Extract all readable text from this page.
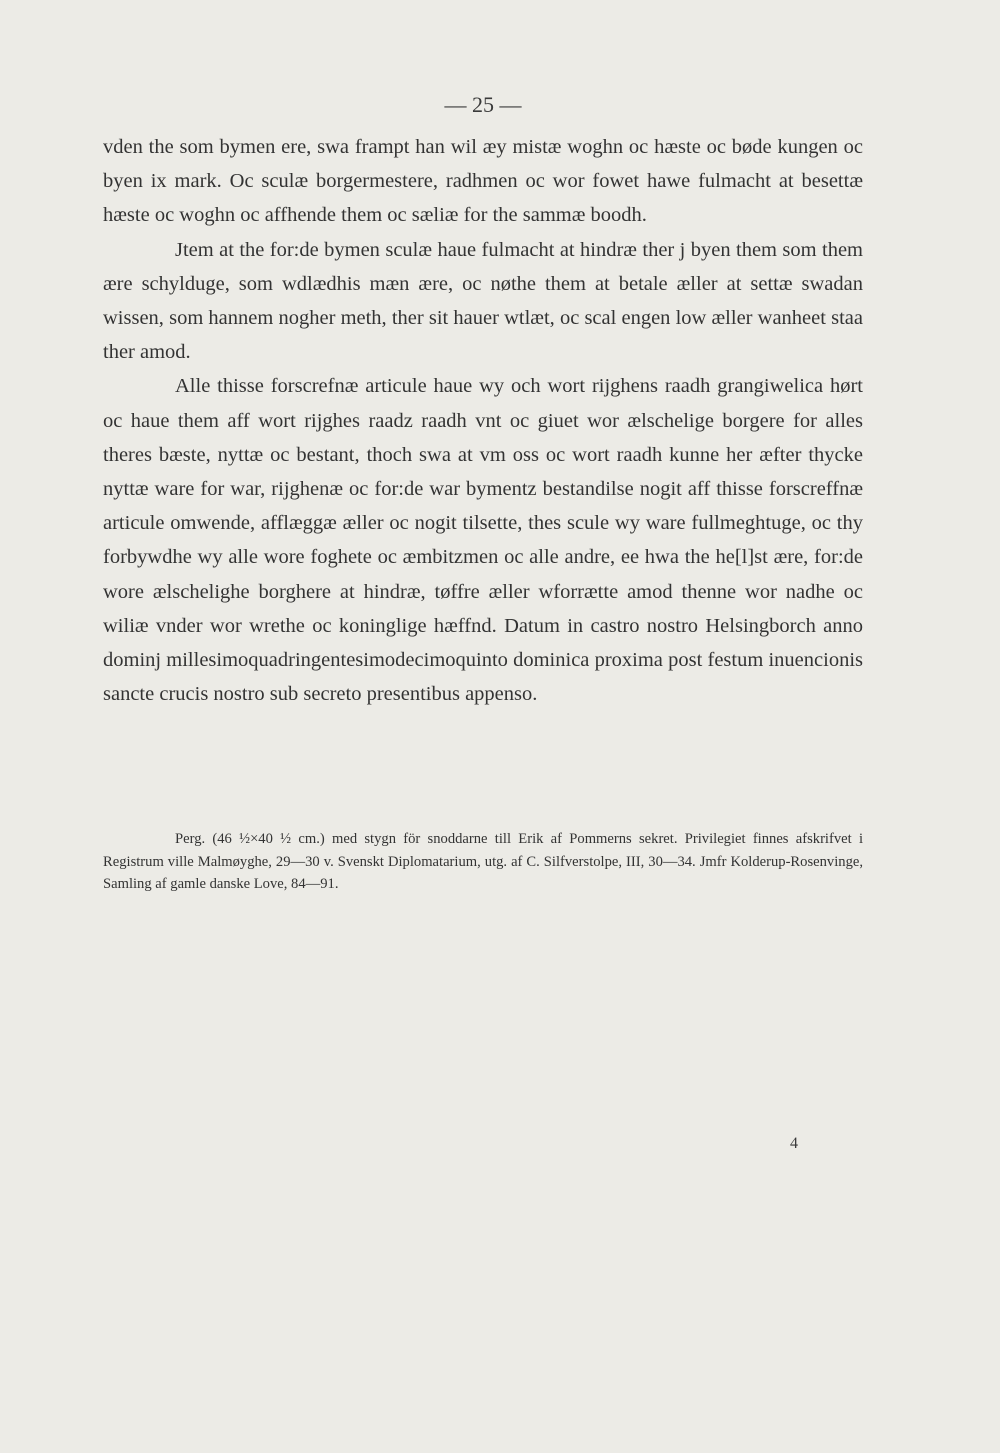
— 25 —

vden the som bymen ere, swa frampt han wil æy mistæ woghn oc hæste oc bøde kungen oc byen ix mark. Oc sculæ borgermestere, radhmen oc wor fowet hawe fulmacht at besettæ hæste oc woghn oc affhende them oc sæliæ for the sammæ boodh.

Jtem at the for:de bymen sculæ haue fulmacht at hindræ ther j byen them som them ære schylduge, som wdlædhis mæn ære, oc nøthe them at betale æller at settæ swadan wissen, som hannem nogher meth, ther sit hauer wtlæt, oc scal engen low æller wanheet staa ther amod.

Alle thisse forscrefnæ articule haue wy och wort rijghens raadh grangiwelica hørt oc haue them aff wort rijghes raadz raadh vnt oc giuet wor ælschelige borgere for alles theres bæste, nyttæ oc bestant, thoch swa at vm oss oc wort raadh kunne her æfter thycke nyttæ ware for war, rijghenæ oc for:de war bymentz bestandilse nogit aff thisse forscreffnæ articule omwende, afflæggæ æller oc nogit tilsette, thes scule wy ware fullmeghtuge, oc thy forbywdhe wy alle wore foghete oc æmbitzmen oc alle andre, ee hwa the he[l]st ære, for:de wore ælschelighe borghere at hindræ, tøffre æller wforrætte amod thenne wor nadhe oc wiliæ vnder wor wrethe oc koninglige hæffnd. Datum in castro nostro Helsingborch anno dominj millesimoquadringentesimodecimoquinto dominica proxima post festum inuencionis sancte crucis nostro sub secreto presentibus appenso.

Perg. (46 ½×40 ½ cm.) med stygn för snoddarne till Erik af Pommerns sekret. Privilegiet finnes afskrifvet i Registrum ville Malmøyghe, 29—30 v. Svenskt Diplomatarium, utg. af C. Silfverstolpe, III, 30—34. Jmfr Kolderup-Rosenvinge, Samling af gamle danske Love, 84—91.

4
